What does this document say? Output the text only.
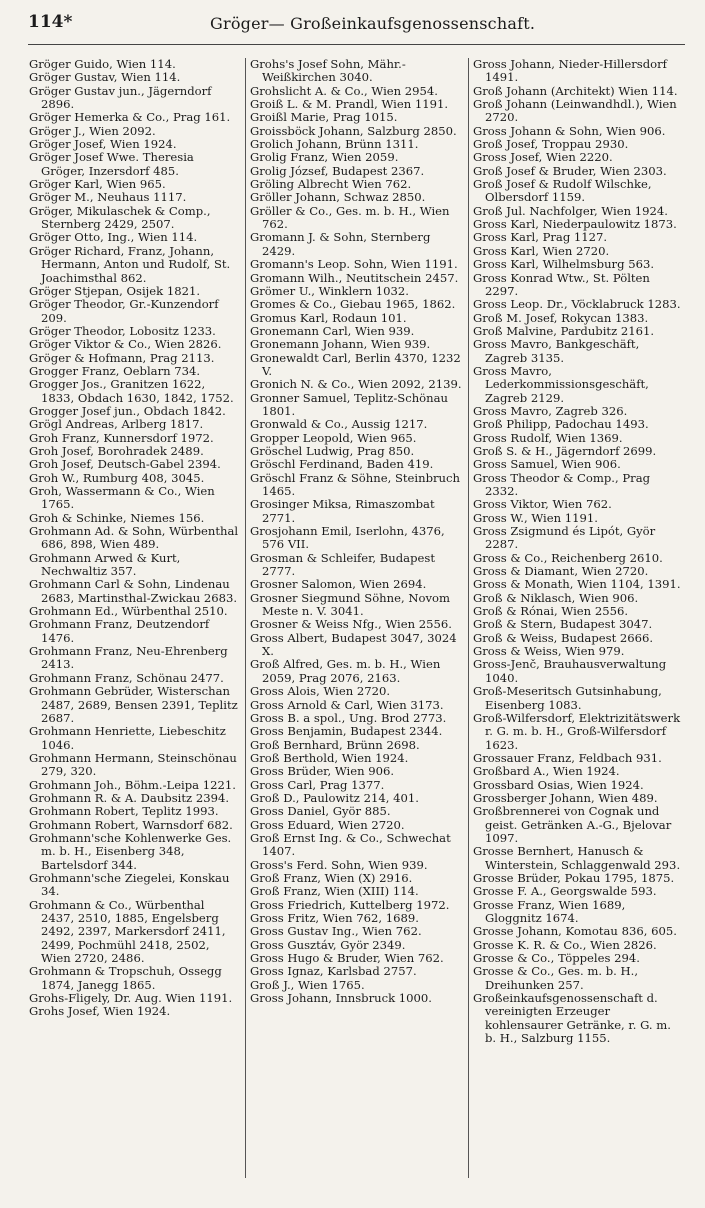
114*	Gröger— Großeinkaufsgenossenschaft.
Gröger Guido, Wien 114.
Gröger Gustav, Wien 114.
Gröger Gustav jun., Jägerndorf 2896.
Gröger Hemerka & Co., Prag 161.
Gröger J., Wien 2092.
Gröger Josef, Wien 1924.
Gröger Josef Wwe. Theresia Gröger, Inzersdorf 485.
Gröger Karl, Wien 965.
Gröger M., Neuhaus 1117.
Gröger, Mikulaschek & Comp., Sternberg 2429, 2507.
Gröger Otto, Ing., Wien 114.
Gröger Richard, Franz, Johann, Hermann, Anton und Rudolf, St. Joachimsthal 862.
Gröger Stjepan, Osijek 1821.
Gröger Theodor, Gr.-Kunzendorf 209.
Gröger Theodor, Lobositz 1233.
Gröger Viktor & Co., Wien 2826.
Gröger & Hofmann, Prag 2113.
Grogger Franz, Oeblarn 734.
Grogger Jos., Granitzen 1622, 1833, Obdach 1630, 1842, 1752.
Grogger Josef jun., Obdach 1842.
Grögl Andreas, Arlberg 1817.
Groh Franz, Kunnersdorf 1972.
Groh Josef, Borohradek 2489.
Groh Josef, Deutsch-Gabel 2394.
Groh W., Rumburg 408, 3045.
Groh, Wassermann & Co., Wien 1765.
Groh & Schinke, Niemes 156.
Grohmann Ad. & Sohn, Würbenthal 686, 898, Wien 489.
Grohmann Arwed & Kurt, Nechwaltiz 357.
Grohmann Carl & Sohn, Lindenau 2683, Martinsthal-Zwickau 2683.
Grohmann Ed., Würbenthal 2510.
Grohmann Franz, Deutzendorf 1476.
Grohmann Franz, Neu-Ehrenberg 2413.
Grohmann Franz, Schönau 2477.
Grohmann Gebrüder, Wisterschan 2487, 2689, Bensen 2391, Teplitz 2687.
Grohmann Henriette, Liebeschitz 1046.
Grohmann Hermann, Steinschönau 279, 320.
Grohmann Joh., Böhm.-Leipa 1221.
Grohmann R. & A. Daubsitz 2394.
Grohmann Robert, Teplitz 1993.
Grohmann Robert, Warnsdorf 682.
Grohmann'sche Kohlenwerke Ges. m. b. H., Eisenberg 348, Bartelsdorf 344.
Grohmann'sche Ziegelei, Konskau 34.
Grohmann & Co., Würbenthal 2437, 2510, 1885, Engelsberg 2492, 2397, Markersdorf 2411, 2499, Pochmühl 2418, 2502, Wien 2720, 2486.
Grohmann & Tropschuh, Ossegg 1874, Janegg 1865.
Grohs-Fligely, Dr. Aug. Wien 1191.
Grohs Josef, Wien 1924.
Grohs's Josef Sohn, Mähr.-Weißkirchen 3040.
Grohslicht A. & Co., Wien 2954.
Groiß L. & M. Prandl, Wien 1191.
Groißl Marie, Prag 1015.
Groissböck Johann, Salzburg 2850.
Grolich Johann, Brünn 1311.
Grolig Franz, Wien 2059.
Grolig József, Budapest 2367.
Gröling Albrecht Wien 762.
Gröller Johann, Schwaz 2850.
Gröller & Co., Ges. m. b. H., Wien 762.
Gromann J. & Sohn, Sternberg 2429.
Gromann's Leop. Sohn, Wien 1191.
Gromann Wilh., Neutitschein 2457.
Grömer U., Winklern 1032.
Gromes & Co., Giebau 1965, 1862.
Gromus Karl, Rodaun 101.
Gronemann Carl, Wien 939.
Gronemann Johann, Wien 939.
Gronewaldt Carl, Berlin 4370, 1232 V.
Gronich N. & Co., Wien 2092, 2139.
Gronner Samuel, Teplitz-Schönau 1801.
Gronwald & Co., Aussig 1217.
Gropper Leopold, Wien 965.
Gröschel Ludwig, Prag 850.
Gröschl Ferdinand, Baden 419.
Gröschl Franz & Söhne, Steinbruch 1465.
Grosinger Miksa, Rimaszombat 2771.
Grosjohann Emil, Iserlohn, 4376, 576 VII.
Grosman & Schleifer, Budapest 2777.
Grosner Salomon, Wien 2694.
Grosner Siegmund Söhne, Novom Meste n. V. 3041.
Grosner & Weiss Nfg., Wien 2556.
Gross Albert, Budapest 3047, 3024 X.
Groß Alfred, Ges. m. b. H., Wien 2059, Prag 2076, 2163.
Gross Alois, Wien 2720.
Gross Arnold & Carl, Wien 3173.
Gross B. a spol., Ung. Brod 2773.
Gross Benjamin, Budapest 2344.
Groß Bernhard, Brünn 2698.
Groß Berthold, Wien 1924.
Gross Brüder, Wien 906.
Gross Carl, Prag 1377.
Groß D., Paulowitz 214, 401.
Gross Daniel, Györ 885.
Gross Eduard, Wien 2720.
Groß Ernst Ing. & Co., Schwechat 1407.
Gross's Ferd. Sohn, Wien 939.
Groß Franz, Wien (X) 2916.
Groß Franz, Wien (XIII) 114.
Gross Friedrich, Kuttelberg 1972.
Gross Fritz, Wien 762, 1689.
Gross Gustav Ing., Wien 762.
Gross Gusztáv, Györ 2349.
Gross Hugo & Bruder, Wien 762.
Gross Ignaz, Karlsbad 2757.
Groß J., Wien 1765.
Gross Johann, Innsbruck 1000.
Gross Johann, Nieder-Hillersdorf 1491.
Groß Johann (Architekt) Wien 114.
Groß Johann (Leinwandhdl.), Wien 2720.
Gross Johann & Sohn, Wien 906.
Groß Josef, Troppau 2930.
Gross Josef, Wien 2220.
Groß Josef & Bruder, Wien 2303.
Groß Josef & Rudolf Wilschke, Olbersdorf 1159.
Groß Jul. Nachfolger, Wien 1924.
Gross Karl, Niederpaulowitz 1873.
Gross Karl, Prag 1127.
Gross Karl, Wien 2720.
Gross Karl, Wilhelmsburg 563.
Gross Konrad Wtw., St. Pölten 2297.
Gross Leop. Dr., Vöcklabruck 1283.
Groß M. Josef, Rokycan 1383.
Groß Malvine, Pardubitz 2161.
Gross Mavro, Bankgeschäft, Zagreb 3135.
Gross Mavro, Lederkommissionsgeschäft, Zagreb 2129.
Gross Mavro, Zagreb 326.
Groß Philipp, Padochau 1493.
Gross Rudolf, Wien 1369.
Groß S. & H., Jägerndorf 2699.
Gross Samuel, Wien 906.
Gross Theodor & Comp., Prag 2332.
Gross Viktor, Wien 762.
Gross W., Wien 1191.
Gross Zsigmund és Lipót, Györ 2287.
Gross & Co., Reichenberg 2610.
Gross & Diamant, Wien 2720.
Gross & Monath, Wien 1104, 1391.
Groß & Niklasch, Wien 906.
Groß & Rónai, Wien 2556.
Groß & Stern, Budapest 3047.
Groß & Weiss, Budapest 2666.
Gross & Weiss, Wien 979.
Gross-Jenč, Brauhausverwaltung 1040.
Groß-Meseritsch Gutsinhabung, Eisenberg 1083.
Groß-Wilfersdorf, Elektrizitätswerk r. G. m. b. H., Groß-Wilfersdorf 1623.
Grossauer Franz, Feldbach 931.
Großbard A., Wien 1924.
Grossbard Osias, Wien 1924.
Grossberger Johann, Wien 489.
Großbrennerei von Cognak und geist. Getränken A.-G., Bjelovar 1097.
Grosse Bernhert, Hanusch & Winterstein, Schlaggenwald 293.
Grosse Brüder, Pokau 1795, 1875.
Grosse F. A., Georgswalde 593.
Grosse Franz, Wien 1689, Gloggnitz 1674.
Grosse Johann, Komotau 836, 605.
Grosse K. R. & Co., Wien 2826.
Grosse & Co., Töppeles 294.
Grosse & Co., Ges. m. b. H., Dreihunken 257.
Großeinkaufsgenossenschaft d. vereinigten Erzeuger kohlensaurer Getränke, r. G. m. b. H., Salzburg 1155.
